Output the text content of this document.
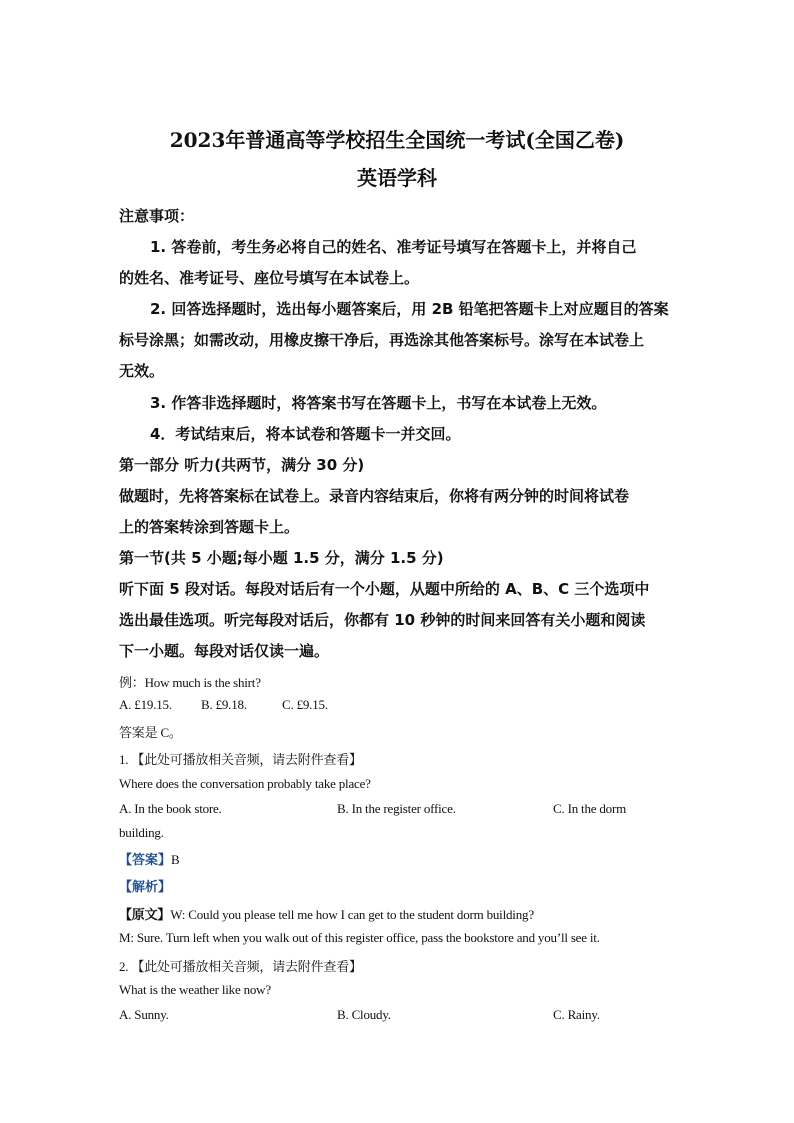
2023年普通高等学校招生全国统一考试(全国乙卷)
英语学科
注意事项：
1. 答卷前，考生务必将自己的姓名、准考证号填写在答题卡上，并将自己
的姓名、准考证号、座位号填写在本试卷上。
2. 回答选择题时，选出每小题答案后，用 2B 铅笔把答题卡上对应题目的答案
标号涂黑；如需改动，用橡皮擦干净后，再选涂其他答案标号。涂写在本试卷上
无效。
3. 作答非选择题时，将答案书写在答题卡上，书写在本试卷上无效。
4．考试结束后，将本试卷和答题卡一并交回。
第一部分 听力(共两节，满分 30 分)
做题时，先将答案标在试卷上。录音内容结束后，你将有两分钟的时间将试卷
上的答案转涂到答题卡上。
第一节(共 5 小题;每小题 1.5 分，满分 1.5 分)
听下面 5 段对话。每段对话后有一个小题，从题中所给的 A、B、C 三个选项中
选出最佳选项。听完每段对话后，你都有 10 秒钟的时间来回答有关小题和阅读
下一小题。每段对话仅读一遍。
例：How much is the shirt?
A. £19.15. B. £9.18.	C. £9.15.
答案是 C。
1. 【此处可播放相关音频，请去附件查看】
Where does the conversation probably take place?
A. In the book store.	B. In the register office.	C. In the dorm
building.
【答案】B
【解析】
【原文】W: Could you please tell me how I can get to the student dorm building?
M: Sure. Turn left when you walk out of this register office, pass the bookstore and you’ll see it.
2. 【此处可播放相关音频，请去附件查看】
What is the weather like now?
A. Sunny.	B. Cloudy.	C. Rainy.
